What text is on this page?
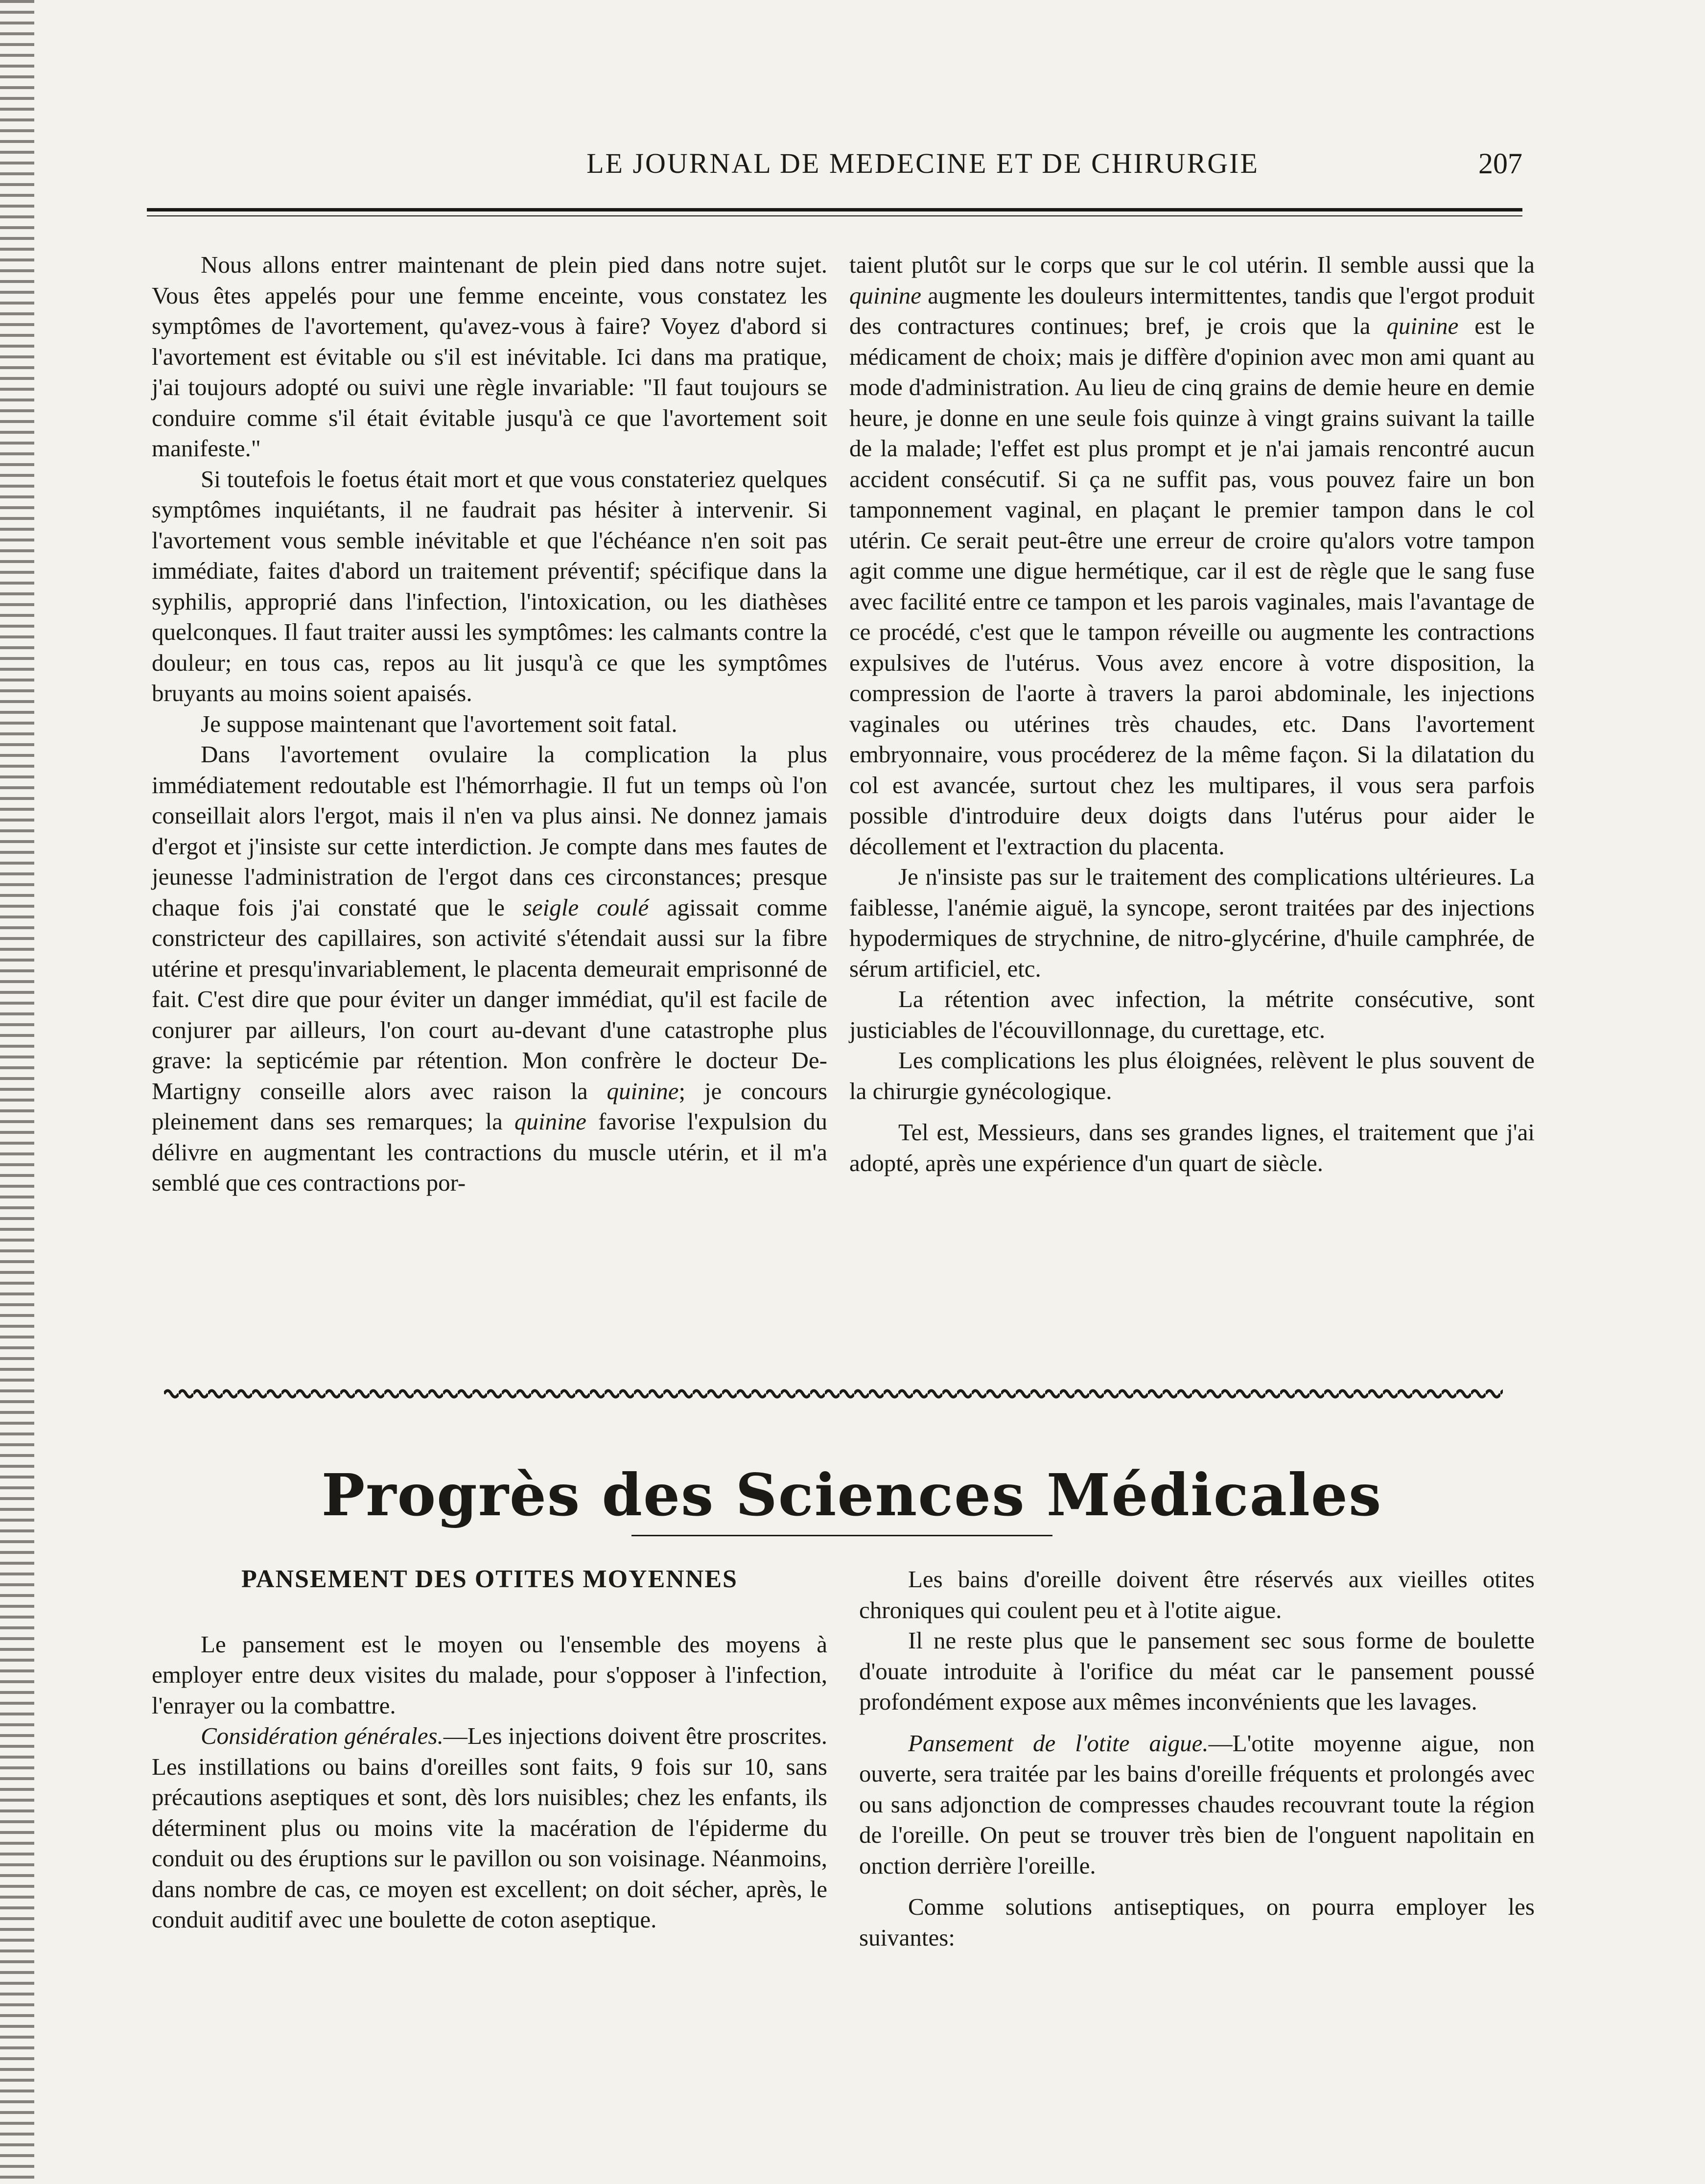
LE JOURNAL DE MEDECINE ET DE CHIRURGIE	207

Nous allons entrer maintenant de plein pied dans notre sujet. Vous êtes appelés pour une femme enceinte, vous constatez les symptômes de l'avortement, qu'avez-vous à faire? Voyez d'abord si l'avortement est évitable ou s'il est inévitable. Ici dans ma pratique, j'ai toujours adopté ou suivi une règle invariable: "Il faut toujours se conduire comme s'il était évitable jusqu'à ce que l'avortement soit manifeste."

Si toutefois le foetus était mort et que vous constateriez quelques symptômes inquiétants, il ne faudrait pas hésiter à intervenir. Si l'avortement vous semble inévitable et que l'échéance n'en soit pas immédiate, faites d'abord un traitement préventif; spécifique dans la syphilis, approprié dans l'infection, l'intoxication, ou les diathèses quelconques. Il faut traiter aussi les symptômes: les calmants contre la douleur; en tous cas, repos au lit jusqu'à ce que les symptômes bruyants au moins soient apaisés.

Je suppose maintenant que l'avortement soit fatal.

Dans l'avortement ovulaire la complication la plus immédiatement redoutable est l'hémorrhagie. Il fut un temps où l'on conseillait alors l'ergot, mais il n'en va plus ainsi. Ne donnez jamais d'ergot et j'insiste sur cette interdiction. Je compte dans mes fautes de jeunesse l'administration de l'ergot dans ces circonstances; presque chaque fois j'ai constaté que le seigle coulé agissait comme constricteur des capillaires, son activité s'étendait aussi sur la fibre utérine et presqu'invariablement, le placenta demeurait emprisonné de fait. C'est dire que pour éviter un danger immédiat, qu'il est facile de conjurer par ailleurs, l'on court au-devant d'une catastrophe plus grave: la septicémie par rétention. Mon confrère le docteur De-Martigny conseille alors avec raison la quinine; je concours pleinement dans ses remarques; la quinine favorise l'expulsion du délivre en augmentant les contractions du muscle utérin, et il m'a semblé que ces contractions por-

taient plutôt sur le corps que sur le col utérin. Il semble aussi que la quinine augmente les douleurs intermittentes, tandis que l'ergot produit des contractures continues; bref, je crois que la quinine est le médicament de choix; mais je diffère d'opinion avec mon ami quant au mode d'administration. Au lieu de cinq grains de demie heure en demie heure, je donne en une seule fois quinze à vingt grains suivant la taille de la malade; l'effet est plus prompt et je n'ai jamais rencontré aucun accident consécutif. Si ça ne suffit pas, vous pouvez faire un bon tamponnement vaginal, en plaçant le premier tampon dans le col utérin. Ce serait peut-être une erreur de croire qu'alors votre tampon agit comme une digue hermétique, car il est de règle que le sang fuse avec facilité entre ce tampon et les parois vaginales, mais l'avantage de ce procédé, c'est que le tampon réveille ou augmente les contractions expulsives de l'utérus. Vous avez encore à votre disposition, la compression de l'aorte à travers la paroi abdominale, les injections vaginales ou utérines très chaudes, etc. Dans l'avortement embryonnaire, vous procéderez de la même façon. Si la dilatation du col est avancée, surtout chez les multipares, il vous sera parfois possible d'introduire deux doigts dans l'utérus pour aider le décollement et l'extraction du placenta.

Je n'insiste pas sur le traitement des complications ultérieures. La faiblesse, l'anémie aiguë, la syncope, seront traitées par des injections hypodermiques de strychnine, de nitro-glycérine, d'huile camphrée, de sérum artificiel, etc.

La rétention avec infection, la métrite consécutive, sont justiciables de l'écouvillonnage, du curettage, etc.

Les complications les plus éloignées, relèvent le plus souvent de la chirurgie gynécologique.

Tel est, Messieurs, dans ses grandes lignes, el traitement que j'ai adopté, après une expérience d'un quart de siècle.

Progrès des Sciences Médicales
PANSEMENT DES OTITES MOYENNES

Le pansement est le moyen ou l'ensemble des moyens à employer entre deux visites du malade, pour s'opposer à l'infection, l'enrayer ou la combattre.

Considération générales.—Les injections doivent être proscrites. Les instillations ou bains d'oreilles sont faits, 9 fois sur 10, sans précautions aseptiques et sont, dès lors nuisibles; chez les enfants, ils déterminent plus ou moins vite la macération de l'épiderme du conduit ou des éruptions sur le pavillon ou son voisinage. Néanmoins, dans nombre de cas, ce moyen est excellent; on doit sécher, après, le conduit auditif avec une boulette de coton aseptique.

Les bains d'oreille doivent être réservés aux vieilles otites chroniques qui coulent peu et à l'otite aigue.

Il ne reste plus que le pansement sec sous forme de boulette d'ouate introduite à l'orifice du méat car le pansement poussé profondément expose aux mêmes inconvénients que les lavages.

Pansement de l'otite aigue.—L'otite moyenne aigue, non ouverte, sera traitée par les bains d'oreille fréquents et prolongés avec ou sans adjonction de compresses chaudes recouvrant toute la région de l'oreille. On peut se trouver très bien de l'onguent napolitain en onction derrière l'oreille.

Comme solutions antiseptiques, on pourra employer les suivantes:
